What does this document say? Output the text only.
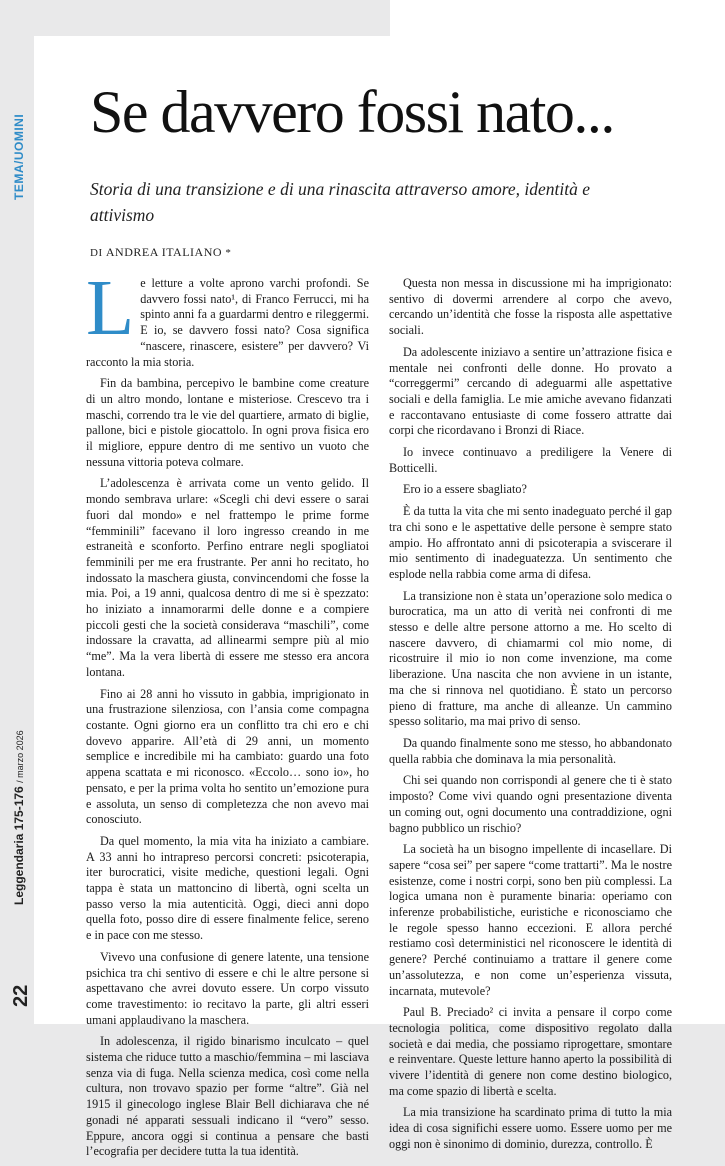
TEMA/UOMINI
Leggendaria 175-176 / marzo 2026
22
Se davvero fossi nato...

Storia di una transizione e di una rinascita attraverso amore, identità e attivismo

DI ANDREA ITALIANO *

Le letture a volte aprono varchi profondi. Se davvero fossi nato¹, di Franco Ferrucci, mi ha spinto anni fa a guardarmi dentro e rileggermi. E io, se davvero fossi nato? Cosa significa “nascere, rinascere, esistere” per davvero? Vi racconto la mia storia.

Fin da bambina, percepivo le bambine come creature di un altro mondo, lontane e misteriose. Crescevo tra i maschi, correndo tra le vie del quartiere, armato di biglie, pallone, bici e pistole giocattolo. In ogni prova fisica ero il migliore, eppure dentro di me sentivo un vuoto che nessuna vittoria poteva colmare.

L’adolescenza è arrivata come un vento gelido. Il mondo sembrava urlare: «Scegli chi devi essere o sarai fuori dal mondo» e nel frattempo le prime forme “femminili” facevano il loro ingresso creando in me estraneità e sconforto. Perfino entrare negli spogliatoi femminili per me era frustrante. Per anni ho recitato, ho indossato la maschera giusta, convincendomi che fosse la mia. Poi, a 19 anni, qualcosa dentro di me si è spezzato: ho iniziato a innamorarmi delle donne e a compiere piccoli gesti che la società considerava “maschili”, come indossare la cravatta, ad allinearmi sempre più al mio “me”. Ma la vera libertà di essere me stesso era ancora lontana.

Fino ai 28 anni ho vissuto in gabbia, imprigionato in una frustrazione silenziosa, con l’ansia come compagna costante. Ogni giorno era un conflitto tra chi ero e chi dovevo apparire. All’età di 29 anni, un momento semplice e incredibile mi ha cambiato: guardo una foto appena scattata e mi riconosco. «Eccolo… sono io», ho pensato, e per la prima volta ho sentito un’emozione pura e assoluta, un senso di completezza che non avevo mai conosciuto.

Da quel momento, la mia vita ha iniziato a cambiare. A 33 anni ho intrapreso percorsi concreti: psicoterapia, iter burocratici, visite mediche, questioni legali. Ogni tappa è stata un mattoncino di libertà, ogni scelta un passo verso la mia autenticità. Oggi, dieci anni dopo quella foto, posso dire di essere finalmente felice, sereno e in pace con me stesso.

Vivevo una confusione di genere latente, una tensione psichica tra chi sentivo di essere e chi le altre persone si aspettavano che avrei dovuto essere. Un corpo vissuto come travestimento: io recitavo la parte, gli altri esseri umani applaudivano la maschera.

In adolescenza, il rigido binarismo inculcato – quel sistema che riduce tutto a maschio/femmina – mi lasciava senza via di fuga. Nella scienza medica, così come nella cultura, non trovavo spazio per forme “altre”. Già nel 1915 il ginecologo inglese Blair Bell dichiarava che né gonadi né apparati sessuali indicano il “vero” sesso. Eppure, ancora oggi si continua a pensare che basti l’ecografia per decidere tutta la tua identità.

Questa non messa in discussione mi ha imprigionato: sentivo di dovermi arrendere al corpo che avevo, cercando un’identità che fosse la risposta alle aspettative sociali.

Da adolescente iniziavo a sentire un’attrazione fisica e mentale nei confronti delle donne. Ho provato a “correggermi” cercando di adeguarmi alle aspettative sociali e della famiglia. Le mie amiche avevano fidanzati e raccontavano entusiaste di come fossero attratte dai corpi che ricordavano i Bronzi di Riace.

Io invece continuavo a prediligere la Venere di Botticelli.

Ero io a essere sbagliato?

È da tutta la vita che mi sento inadeguato perché il gap tra chi sono e le aspettative delle persone è sempre stato ampio. Ho affrontato anni di psicoterapia a sviscerare il mio sentimento di inadeguatezza. Un sentimento che esplode nella rabbia come arma di difesa.

La transizione non è stata un’operazione solo medica o burocratica, ma un atto di verità nei confronti di me stesso e delle altre persone attorno a me. Ho scelto di nascere davvero, di chiamarmi col mio nome, di ricostruire il mio io non come invenzione, ma come liberazione. Una nascita che non avviene in un istante, ma che si rinnova nel quotidiano. È stato un percorso pieno di fratture, ma anche di alleanze. Un cammino spesso solitario, ma mai privo di senso.

Da quando finalmente sono me stesso, ho abbandonato quella rabbia che dominava la mia personalità.

Chi sei quando non corrispondi al genere che ti è stato imposto? Come vivi quando ogni presentazione diventa un coming out, ogni documento una contraddizione, ogni bagno pubblico un rischio?

La società ha un bisogno impellente di incasellare. Di sapere “cosa sei” per sapere “come trattarti”. Ma le nostre esistenze, come i nostri corpi, sono ben più complessi. La logica umana non è puramente binaria: operiamo con inferenze probabilistiche, euristiche e riconosciamo che le regole spesso hanno eccezioni. E allora perché restiamo così deterministici nel riconoscere le identità di genere? Perché continuiamo a trattare il genere come un’assolutezza, e non come un’esperienza vissuta, incarnata, mutevole?

Paul B. Preciado² ci invita a pensare il corpo come tecnologia politica, come dispositivo regolato dalla società e dai media, che possiamo riprogettare, smontare e reinventare. Queste letture hanno aperto la possibilità di vivere l’identità di genere non come destino biologico, ma come spazio di libertà e scelta.

La mia transizione ha scardinato prima di tutto la mia idea di cosa significhi essere uomo. Essere uomo per me oggi non è sinonimo di dominio, durezza, controllo. È
